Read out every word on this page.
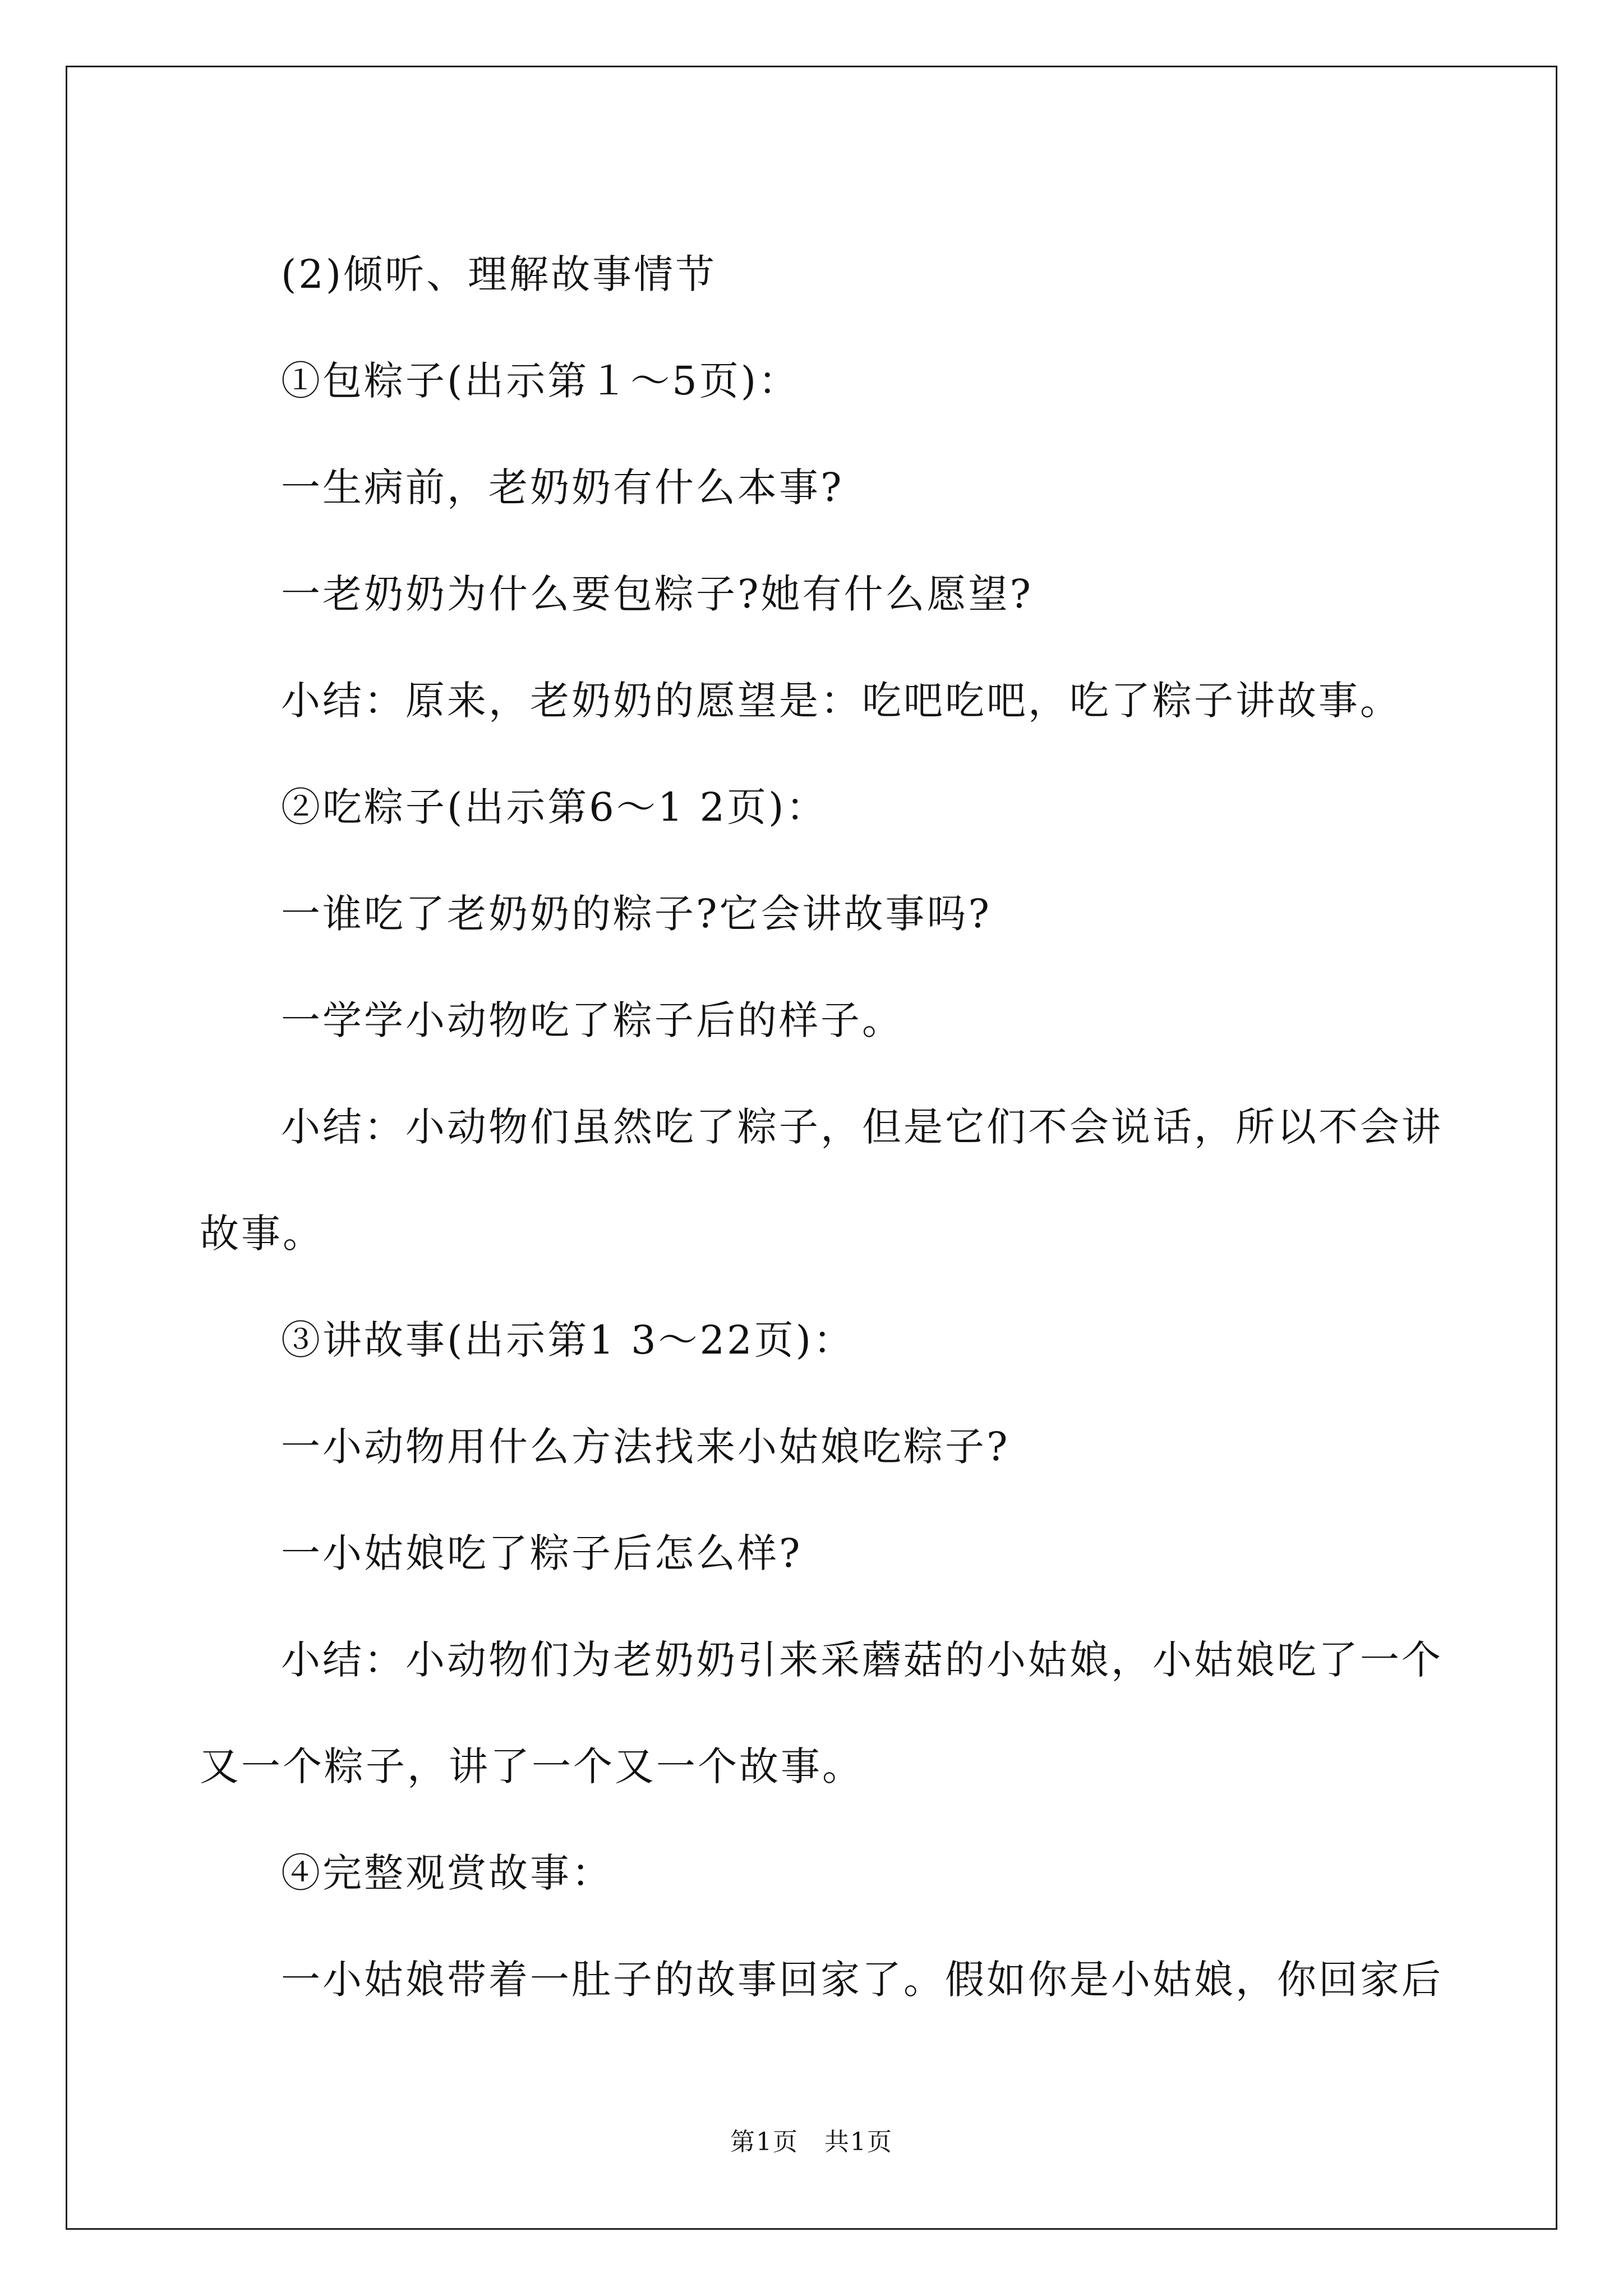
(2)倾听、理解故事情节

①包粽子(出示第１～5页)：

一生病前，老奶奶有什么本事?

一老奶奶为什么要包粽子?她有什么愿望?

小结：原来，老奶奶的愿望是：吃吧吃吧，吃了粽子讲故事。

②吃粽子(出示第6～1 2页)：

一谁吃了老奶奶的粽子?它会讲故事吗?

一学学小动物吃了粽子后的样子。

小结：小动物们虽然吃了粽子，但是它们不会说话，所以不会讲

故事。

③讲故事(出示第1 3～22页)：

一小动物用什么方法找来小姑娘吃粽子?

一小姑娘吃了粽子后怎么样?

小结：小动物们为老奶奶引来采蘑菇的小姑娘，小姑娘吃了一个

又一个粽子，讲了一个又一个故事。

④完整观赏故事：

一小姑娘带着一肚子的故事回家了。假如你是小姑娘，你回家后

第1页　共1页
